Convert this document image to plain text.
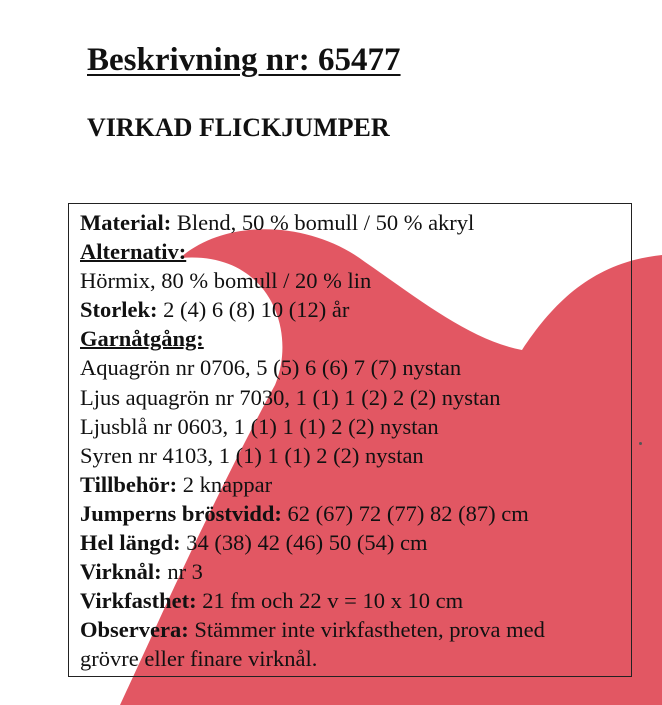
Beskrivning nr: 65477
VIRKAD FLICKJUMPER
Material: Blend, 50 % bomull / 50 % akryl
Alternativ:
Hörmix, 80 % bomull / 20 % lin
Storlek: 2 (4) 6 (8) 10 (12) år
Garnåtgång:
Aquagrön nr 0706, 5 (5) 6 (6) 7 (7) nystan
Ljus aquagrön nr 7030, 1 (1) 1 (2) 2 (2) nystan
Ljusblå nr 0603, 1 (1) 1 (1) 2 (2) nystan
Syren nr 4103, 1 (1) 1 (1) 2 (2) nystan
Tillbehör: 2 knappar
Jumperns bröstvidd: 62 (67) 72 (77) 82 (87) cm
Hel längd: 34 (38) 42 (46) 50 (54) cm
Virknål: nr 3
Virkfasthet: 21 fm och 22 v = 10 x 10 cm
Observera: Stämmer inte virkfastheten, prova med
grövre eller finare virknål.
